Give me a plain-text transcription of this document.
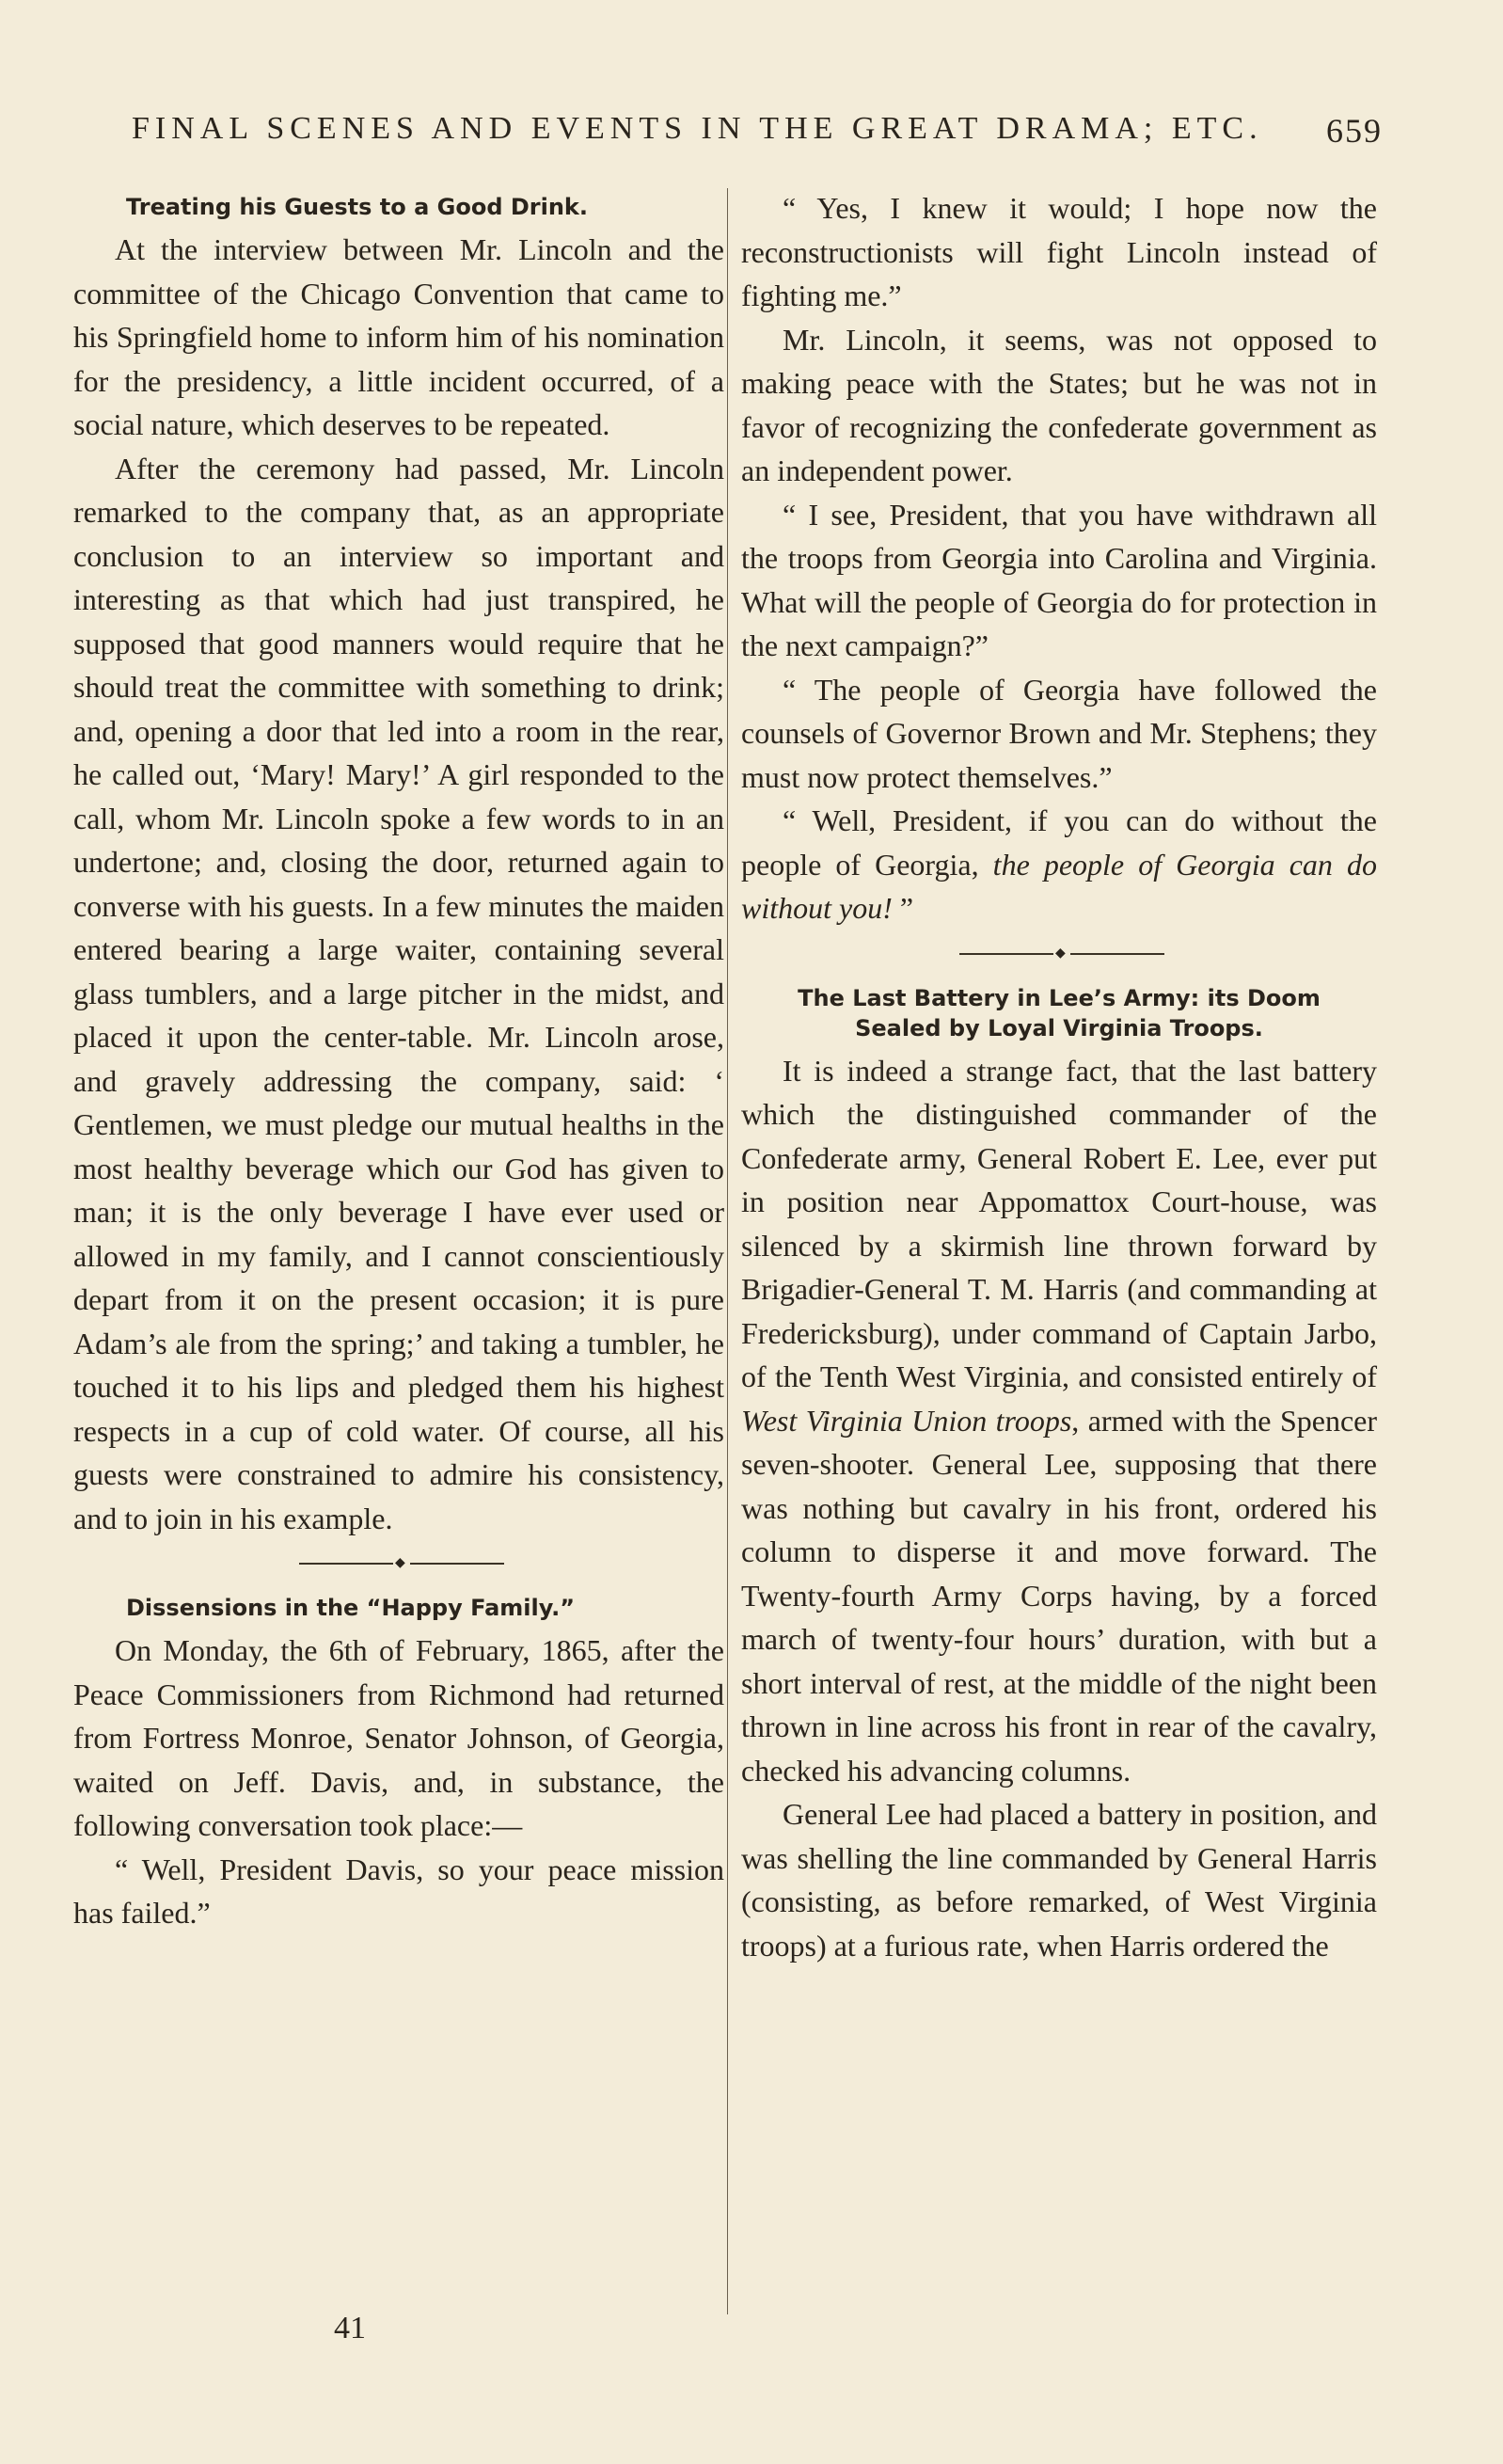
FINAL SCENES AND EVENTS IN THE GREAT DRAMA; ETC. 659
Treating his Guests to a Good Drink.

At the interview between Mr. Lincoln and the committee of the Chicago Convention that came to his Springfield home to inform him of his nomination for the presidency, a little incident occurred, of a social nature, which deserves to be repeated.

After the ceremony had passed, Mr. Lincoln remarked to the company that, as an appropriate conclusion to an interview so important and interesting as that which had just transpired, he supposed that good manners would require that he should treat the committee with something to drink; and, opening a door that led into a room in the rear, he called out, ‘Mary! Mary!’ A girl responded to the call, whom Mr. Lincoln spoke a few words to in an undertone; and, closing the door, returned again to converse with his guests. In a few minutes the maiden entered bearing a large waiter, containing several glass tumblers, and a large pitcher in the midst, and placed it upon the center-table. Mr. Lincoln arose, and gravely addressing the company, said: ‘ Gentlemen, we must pledge our mutual healths in the most healthy beverage which our God has given to man; it is the only beverage I have ever used or allowed in my family, and I cannot conscientiously depart from it on the present occasion; it is pure Adam’s ale from the spring;’ and taking a tumbler, he touched it to his lips and pledged them his highest respects in a cup of cold water. Of course, all his guests were constrained to admire his consistency, and to join in his example.

◆
Dissensions in the “Happy Family.”

On Monday, the 6th of February, 1865, after the Peace Commissioners from Richmond had returned from Fortress Monroe, Senator Johnson, of Georgia, waited on Jeff. Davis, and, in substance, the following conversation took place:—

“ Well, President Davis, so your peace mission has failed.”

41

“ Yes, I knew it would; I hope now the reconstructionists will fight Lincoln instead of fighting me.”

Mr. Lincoln, it seems, was not opposed to making peace with the States; but he was not in favor of recognizing the confederate government as an independent power.

“ I see, President, that you have withdrawn all the troops from Georgia into Carolina and Virginia. What will the people of Georgia do for protection in the next campaign?”

“ The people of Georgia have followed the counsels of Governor Brown and Mr. Stephens; they must now protect themselves.”

“ Well, President, if you can do without the people of Georgia, the people of Georgia can do without you! ”

◆
The Last Battery in Lee’s Army: its Doom
Sealed by Loyal Virginia Troops.

It is indeed a strange fact, that the last battery which the distinguished commander of the Confederate army, General Robert E. Lee, ever put in position near Appomattox Court-house, was silenced by a skirmish line thrown forward by Brigadier-General T. M. Harris (and commanding at Fredericksburg), under command of Captain Jarbo, of the Tenth West Virginia, and consisted entirely of West Virginia Union troops, armed with the Spencer seven-shooter. General Lee, supposing that there was nothing but cavalry in his front, ordered his column to disperse it and move forward. The Twenty-fourth Army Corps having, by a forced march of twenty-four hours’ duration, with but a short interval of rest, at the middle of the night been thrown in line across his front in rear of the cavalry, checked his advancing columns.

General Lee had placed a battery in position, and was shelling the line commanded by General Harris (consisting, as before remarked, of West Virginia troops) at a furious rate, when Harris ordered the
